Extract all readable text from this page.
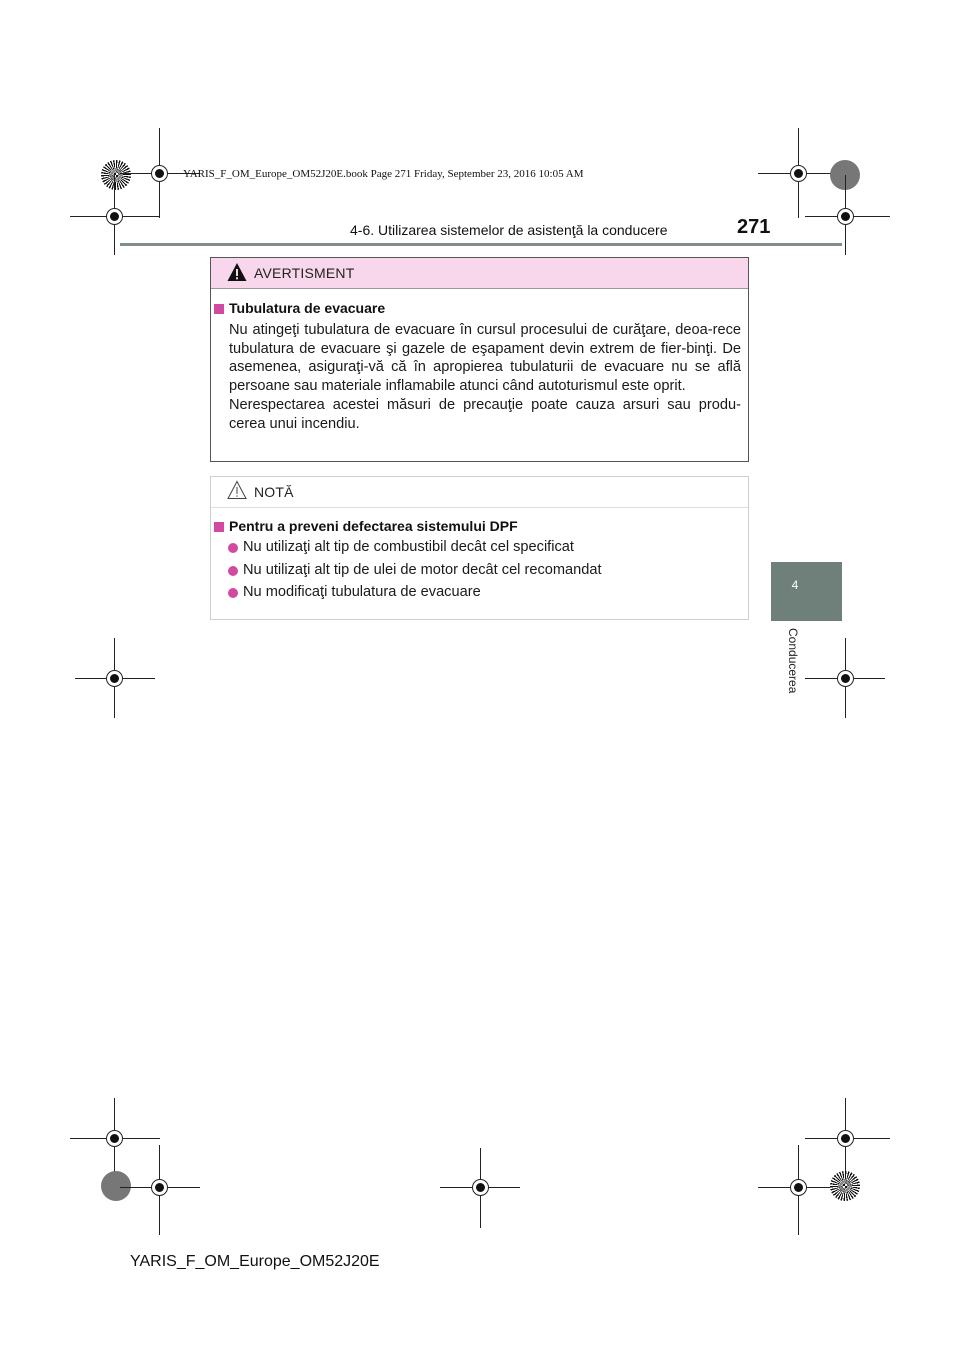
YARIS_F_OM_Europe_OM52J20E.book Page 271 Friday, September 23, 2016 10:05 AM
4-6. Utilizarea sistemelor de asistenţă la conducere	271
4
Conducerea
AVERTISMENT
Tubulatura de evacuare

Nu atingeţi tubulatura de evacuare în cursul procesului de curăţare, deoa-rece tubulatura de evacuare şi gazele de eşapament devin extrem de fier-binţi. De asemenea, asiguraţi-vă că în apropierea tubulaturii de evacuare nu se află persoane sau materiale inflamabile atunci când autoturismul este oprit.

Nerespectarea acestei măsuri de precauţie poate cauza arsuri sau produ-cerea unui incendiu.

NOTĂ
Pentru a preveni defectarea sistemului DPF
Nu utilizaţi alt tip de combustibil decât cel specificat
Nu utilizaţi alt tip de ulei de motor decât cel recomandat
Nu modificaţi tubulatura de evacuare
YARIS_F_OM_Europe_OM52J20E
